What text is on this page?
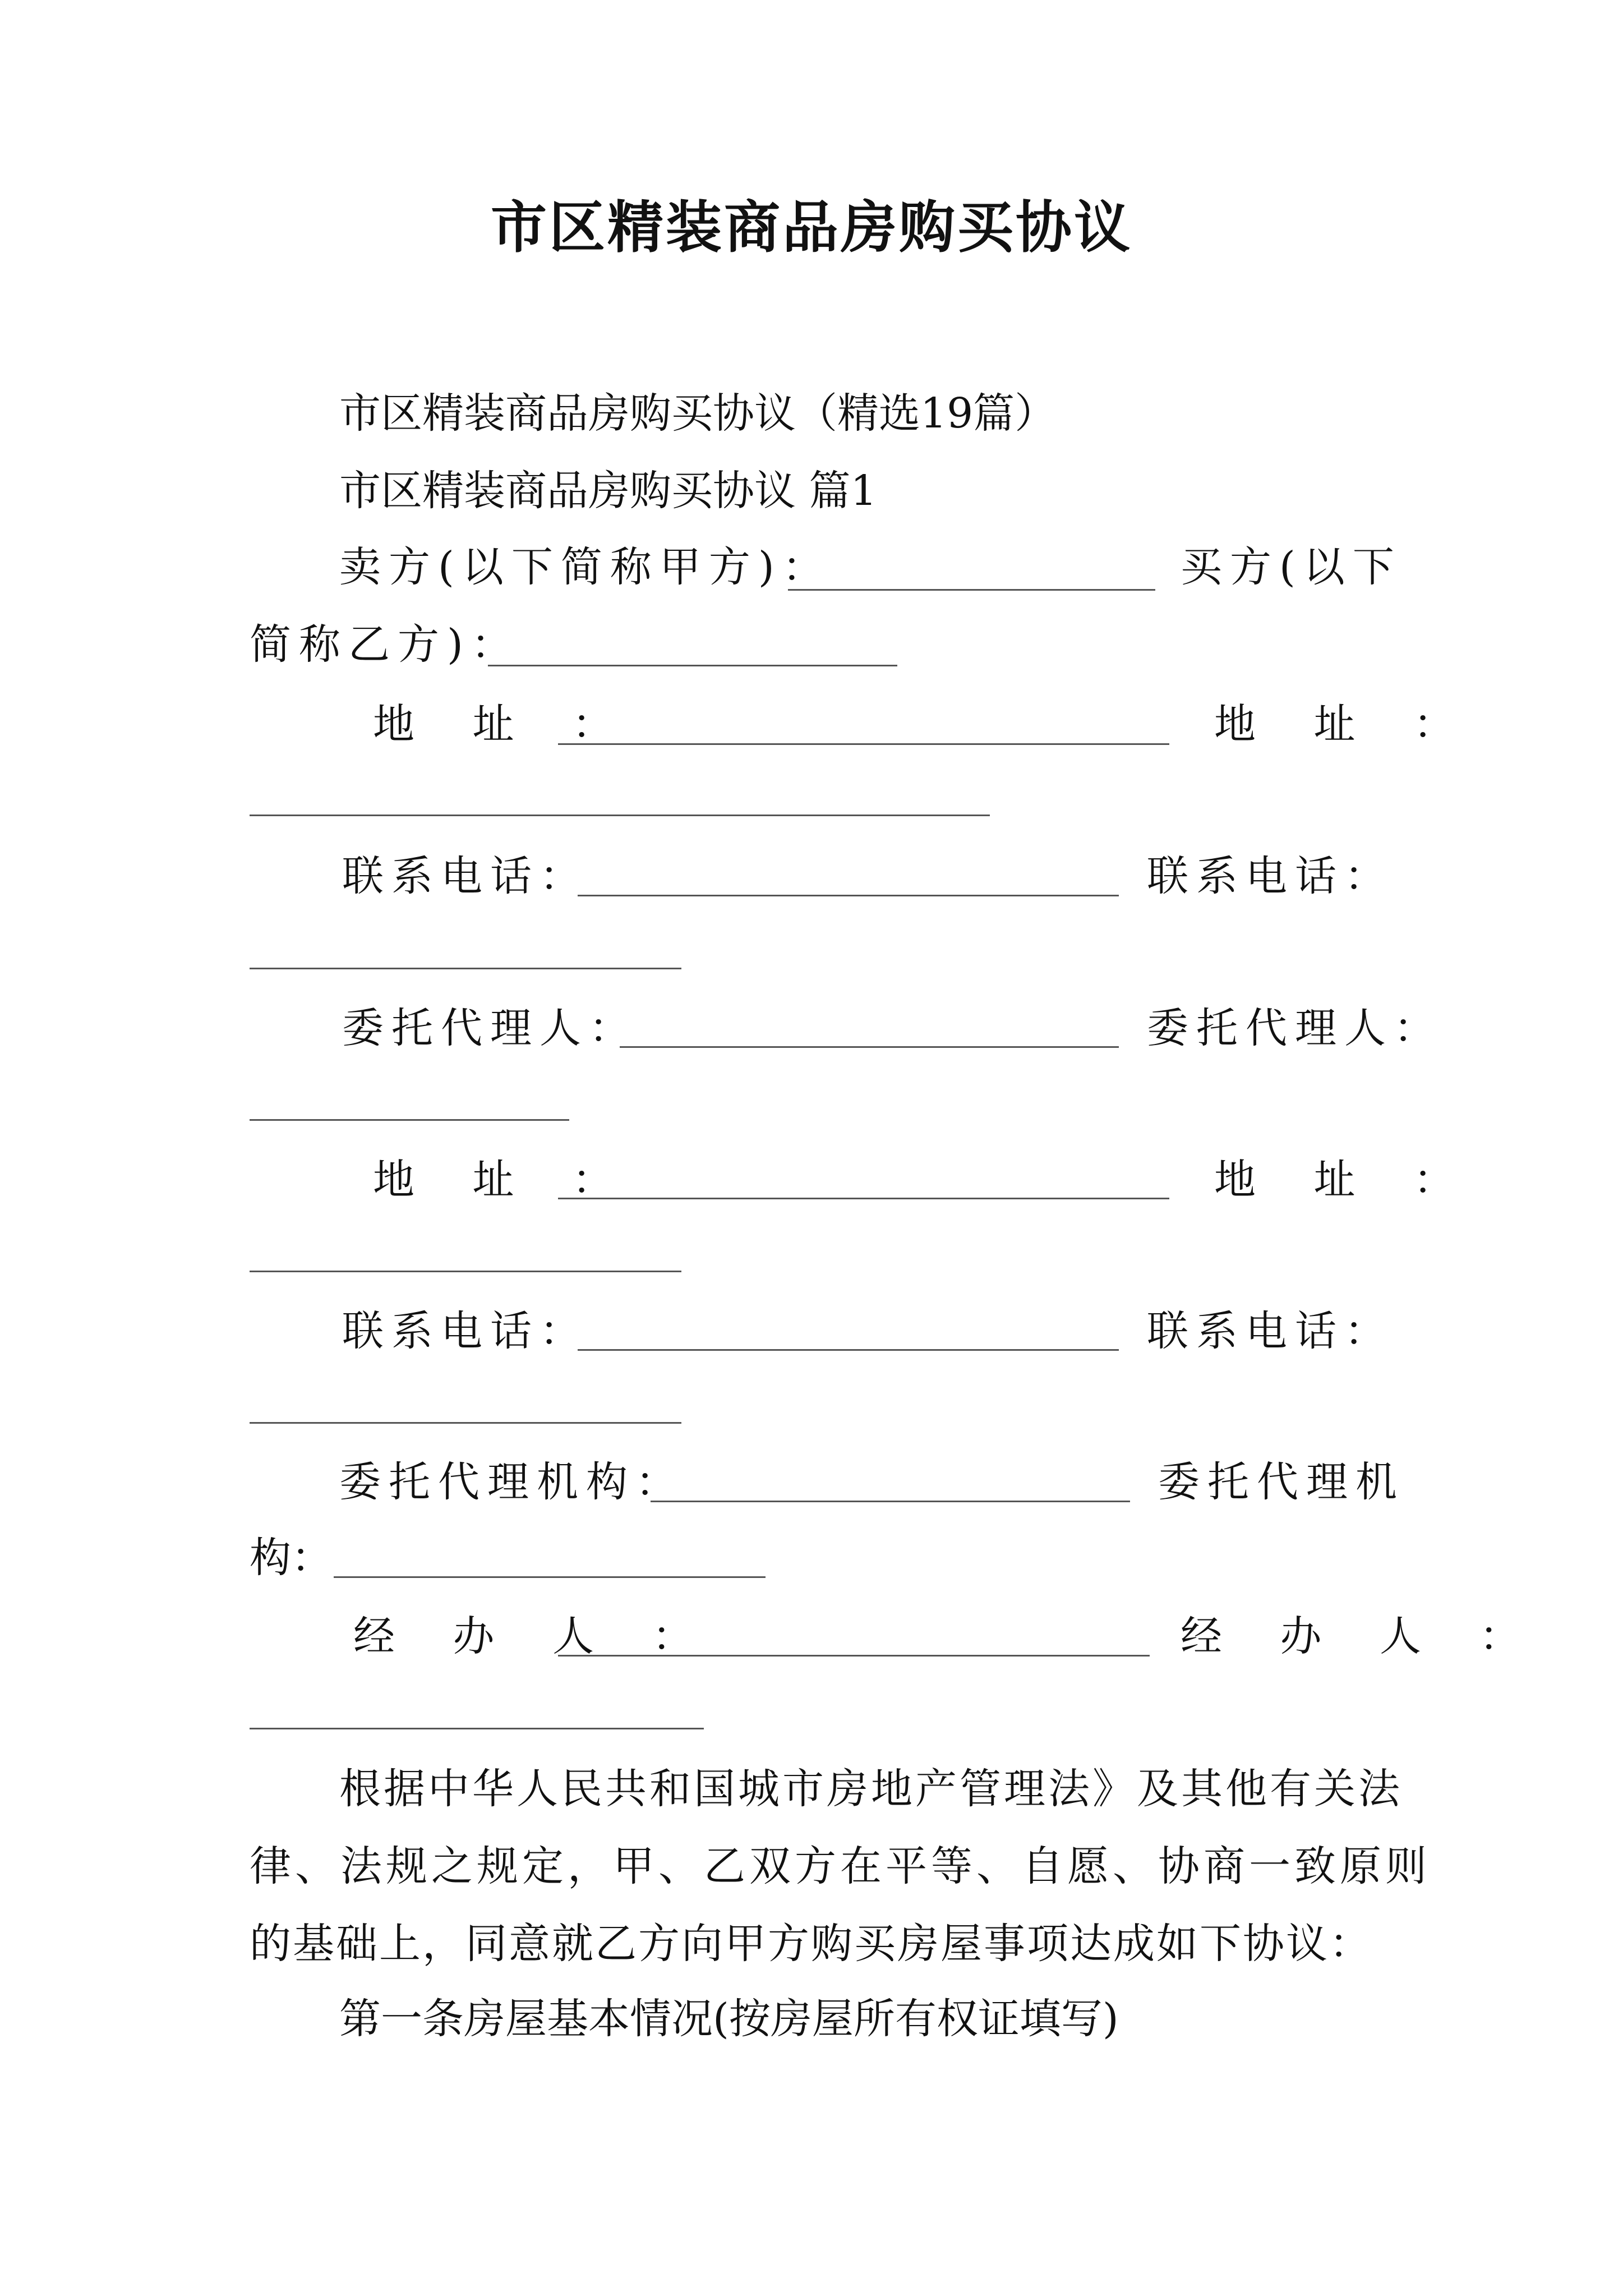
市区精装商品房购买协议
市区精装商品房购买协议（精选19篇）
市区精装商品房购买协议 篇1
卖方(以下简称甲方)：	买方(以下
简称乙方)：
地 址 ：	地 址 ：
联系电话：	联系电话：
委托代理人：	委托代理人：
地 址 ：	地 址 ：
联系电话：	联系电话：
委托代理机构：	委托代理机
构：
经 办 人 ：	经 办 人 ：
根据中华人民共和国城市房地产管理法》及其他有关法
律、法规之规定，甲、乙双方在平等、自愿、协商一致原则
的基础上，同意就乙方向甲方购买房屋事项达成如下协议：
第一条房屋基本情况(按房屋所有权证填写)
